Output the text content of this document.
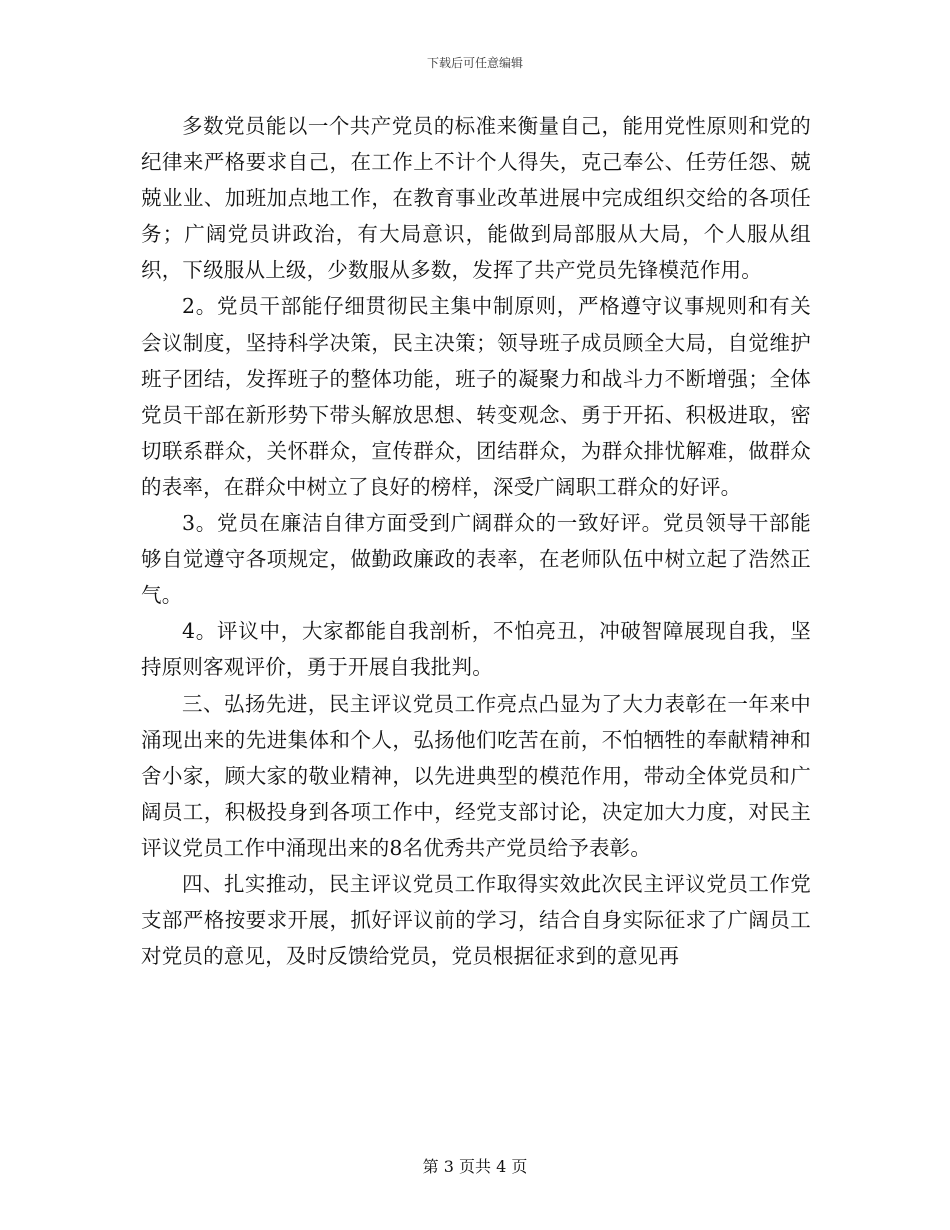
下载后可任意编辑

多数党员能以一个共产党员的标准来衡量自己，能用党性原则和党的纪律来严格要求自己，在工作上不计个人得失，克己奉公、任劳任怨、兢兢业业、加班加点地工作，在教育事业改革进展中完成组织交给的各项任务；广阔党员讲政治，有大局意识，能做到局部服从大局，个人服从组织，下级服从上级，少数服从多数，发挥了共产党员先锋模范作用。

2。党员干部能仔细贯彻民主集中制原则，严格遵守议事规则和有关会议制度，坚持科学决策，民主决策；领导班子成员顾全大局，自觉维护班子团结，发挥班子的整体功能，班子的凝聚力和战斗力不断增强；全体党员干部在新形势下带头解放思想、转变观念、勇于开拓、积极进取，密切联系群众，关怀群众，宣传群众，团结群众，为群众排忧解难，做群众的表率，在群众中树立了良好的榜样，深受广阔职工群众的好评。

3。党员在廉洁自律方面受到广阔群众的一致好评。党员领导干部能够自觉遵守各项规定，做勤政廉政的表率，在老师队伍中树立起了浩然正气。

4。评议中，大家都能自我剖析，不怕亮丑，冲破智障展现自我，坚持原则客观评价，勇于开展自我批判。

三、弘扬先进，民主评议党员工作亮点凸显为了大力表彰在一年来中涌现出来的先进集体和个人，弘扬他们吃苦在前，不怕牺牲的奉献精神和舍小家，顾大家的敬业精神，以先进典型的模范作用，带动全体党员和广阔员工，积极投身到各项工作中，经党支部讨论，决定加大力度，对民主评议党员工作中涌现出来的8名优秀共产党员给予表彰。

四、扎实推动，民主评议党员工作取得实效此次民主评议党员工作党支部严格按要求开展，抓好评议前的学习，结合自身实际征求了广阔员工对党员的意见，及时反馈给党员，党员根据征求到的意见再

第 3 页共 4 页
